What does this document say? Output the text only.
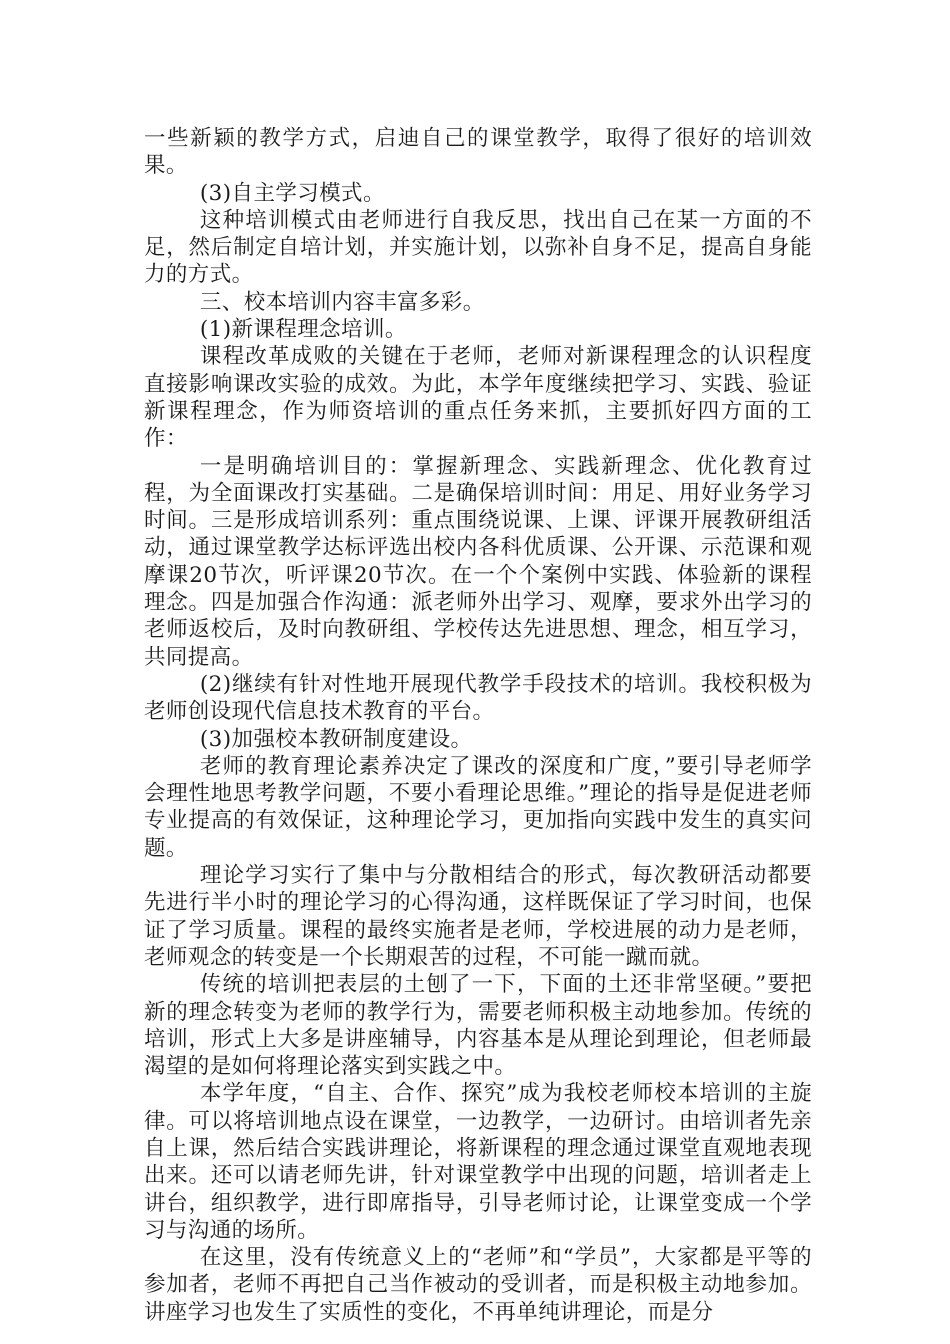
一些新颖的教学方式，启迪自己的课堂教学，取得了很好的培训效果。

(3)自主学习模式。

这种培训模式由老师进行自我反思，找出自己在某一方面的不足，然后制定自培计划，并实施计划，以弥补自身不足，提高自身能力的方式。

三、校本培训内容丰富多彩。

(1)新课程理念培训。

课程改革成败的关键在于老师，老师对新课程理念的认识程度直接影响课改实验的成效。为此，本学年度继续把学习、实践、验证新课程理念，作为师资培训的重点任务来抓，主要抓好四方面的工作：

一是明确培训目的：掌握新理念、实践新理念、优化教育过程，为全面课改打实基础。二是确保培训时间：用足、用好业务学习时间。三是形成培训系列：重点围绕说课、上课、评课开展教研组活动，通过课堂教学达标评选出校内各科优质课、公开课、示范课和观摩课20节次，听评课20节次。在一个个案例中实践、体验新的课程理念。四是加强合作沟通：派老师外出学习、观摩，要求外出学习的老师返校后，及时向教研组、学校传达先进思想、理念，相互学习，共同提高。

(2)继续有针对性地开展现代教学手段技术的培训。我校积极为老师创设现代信息技术教育的平台。

(3)加强校本教研制度建设。

老师的教育理论素养决定了课改的深度和广度，”要引导老师学会理性地思考教学问题，不要小看理论思维。”理论的指导是促进老师专业提高的有效保证，这种理论学习，更加指向实践中发生的真实问题。

理论学习实行了集中与分散相结合的形式，每次教研活动都要先进行半小时的理论学习的心得沟通，这样既保证了学习时间，也保证了学习质量。课程的最终实施者是老师，学校进展的动力是老师，老师观念的转变是一个长期艰苦的过程，不可能一蹴而就。

传统的培训把表层的土刨了一下，下面的土还非常坚硬。”要把新的理念转变为老师的教学行为，需要老师积极主动地参加。传统的培训，形式上大多是讲座辅导，内容基本是从理论到理论，但老师最渴望的是如何将理论落实到实践之中。

本学年度，“自主、合作、探究”成为我校老师校本培训的主旋律。可以将培训地点设在课堂，一边教学，一边研讨。由培训者先亲自上课，然后结合实践讲理论，将新课程的理念通过课堂直观地表现出来。还可以请老师先讲，针对课堂教学中出现的问题，培训者走上讲台，组织教学，进行即席指导，引导老师讨论，让课堂变成一个学习与沟通的场所。

在这里，没有传统意义上的“老师”和“学员”，大家都是平等的参加者，老师不再把自己当作被动的受训者，而是积极主动地参加。讲座学习也发生了实质性的变化，不再单纯讲理论，而是分
